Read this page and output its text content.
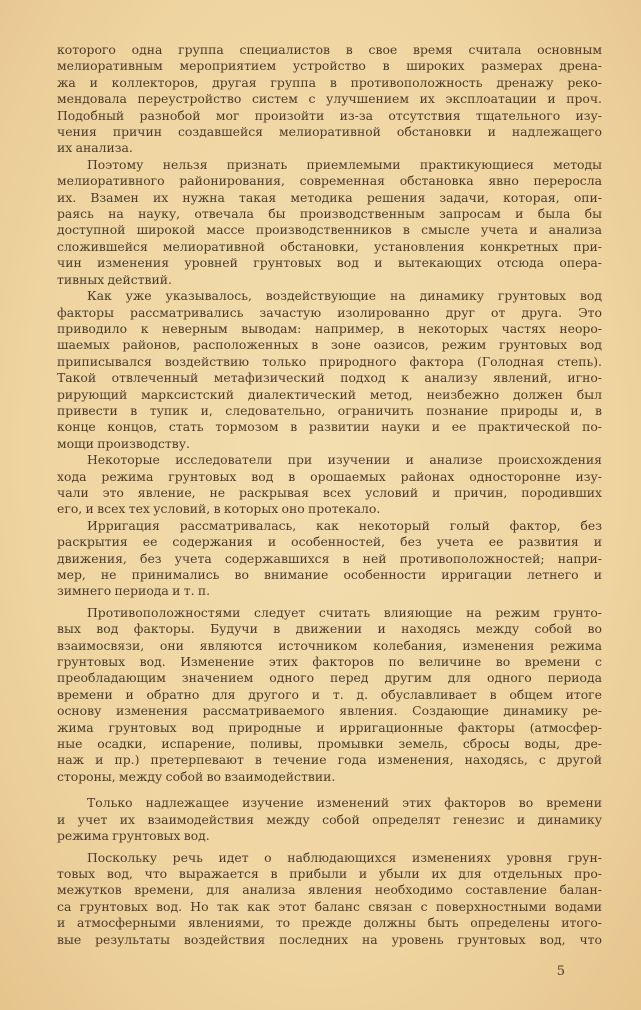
которого одна группа специалистов в свое время считала основным
мелиоративным мероприятием устройство в широких размерах дрена-
жа и коллекторов, другая группа в противоположность дренажу реко-
мендовала переустройство систем с улучшением их эксплоатации и проч.
Подобный разнобой мог произойти из-за отсутствия тщательного изу-
чения причин создавшейся мелиоративной обстановки и надлежащего
их анализа.
Поэтому нельзя признать приемлемыми практикующиеся методы
мелиоративного районирования, современная обстановка явно переросла
их. Взамен их нужна такая методика решения задачи, которая, опи-
раясь на науку, отвечала бы производственным запросам и была бы
доступной широкой массе производственников в смысле учета и анализа
сложившейся мелиоративной обстановки, установления конкретных при-
чин изменения уровней грунтовых вод и вытекающих отсюда опера-
тивных действий.
Как уже указывалось, воздействующие на динамику грунтовых вод
факторы рассматривались зачастую изолированно друг от друга. Это
приводило к неверным выводам: например, в некоторых частях неоро-
шаемых районов, расположенных в зоне оазисов, режим грунтовых вод
приписывался воздействию только природного фактора (Голодная степь).
Такой отвлеченный метафизический подход к анализу явлений, игно-
рирующий марксистский диалектический метод, неизбежно должен был
привести в тупик и, следовательно, ограничить познание природы и, в
конце концов, стать тормозом в развитии науки и ее практической по-
мощи производству.
Некоторые исследователи при изучении и анализе происхождения
хода режима грунтовых вод в орошаемых районах односторонне изу-
чали это явление, не раскрывая всех условий и причин, породивших
его, и всех тех условий, в которых оно протекало.
Ирригация рассматривалась, как некоторый голый фактор, без
раскрытия ее содержания и особенностей, без учета ее развития и
движения, без учета содержавшихся в ней противоположностей; напри-
мер, не принимались во внимание особенности ирригации летнего и
зимнего периода и т. п.
Противоположностями следует считать влияющие на режим грунто-
вых вод факторы. Будучи в движении и находясь между собой во
взаимосвязи, они являются источником колебания, изменения режима
грунтовых вод. Изменение этих факторов по величине во времени с
преобладающим значением одного перед другим для одного периода
времени и обратно для другого и т. д. обуславливает в общем итоге
основу изменения рассматриваемого явления. Создающие динамику ре-
жима грунтовых вод природные и ирригационные факторы (атмосфер-
ные осадки, испарение, поливы, промывки земель, сбросы воды, дре-
наж и пр.) претерпевают в течение года изменения, находясь, с другой
стороны, между собой во взаимодействии.
Только надлежащее изучение изменений этих факторов во времени
и учет их взаимодействия между собой определят генезис и динамику
режима грунтовых вод.
Поскольку речь идет о наблюдающихся изменениях уровня грун-
товых вод, что выражается в прибыли и убыли их для отдельных про-
межутков времени, для анализа явления необходимо составление балан-
са грунтовых вод. Но так как этот баланс связан с поверхностными водами
и атмосферными явлениями, то прежде должны быть определены итого-
вые результаты воздействия последних на уровень грунтовых вод, что
5
